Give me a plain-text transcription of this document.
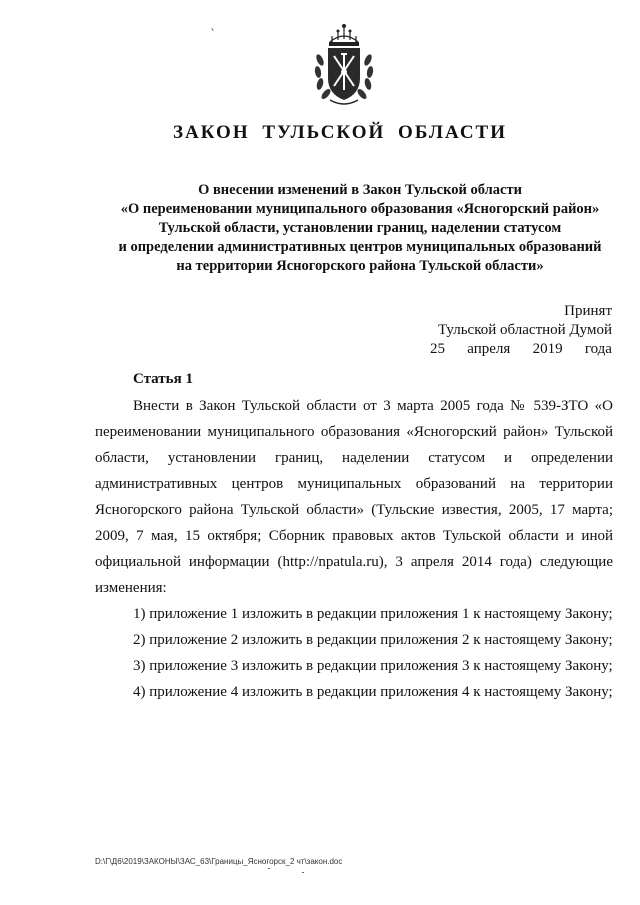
ЗАКОН ТУЛЬСКОЙ ОБЛАСТИ
О внесении изменений в Закон Тульской области
«О переименовании муниципального образования «Ясногорский район»
Тульской области, установлении границ, наделении статусом
и определении административных центров муниципальных образований
на территории Ясногорского района Тульской области»
Принят
Тульской областной Думой
25 апреля 2019 года
Статья 1

Внести в Закон Тульской области от 3 марта 2005 года № 539-ЗТО «О переименовании муниципального образования «Ясногорский район» Тульской области, установлении границ, наделении статусом и определении административных центров муниципальных образований на территории Ясногорского района Тульской области» (Тульские известия, 2005, 17 марта; 2009, 7 мая, 15 октября; Сборник правовых актов Тульской области и иной официальной информации (http://npatula.ru), 3 апреля 2014 года) следующие изменения:

1) приложение 1 изложить в редакции приложения 1 к настоящему Закону;

2) приложение 2 изложить в редакции приложения 2 к настоящему Закону;

3) приложение 3 изложить в редакции приложения 3 к настоящему Закону;

4) приложение 4 изложить в редакции приложения 4 к настоящему Закону;

D:\Г\Д6\2019\ЗАКОНЫ\ЗАС_63\Границы_Ясногорск_2 чт\закон.doc
